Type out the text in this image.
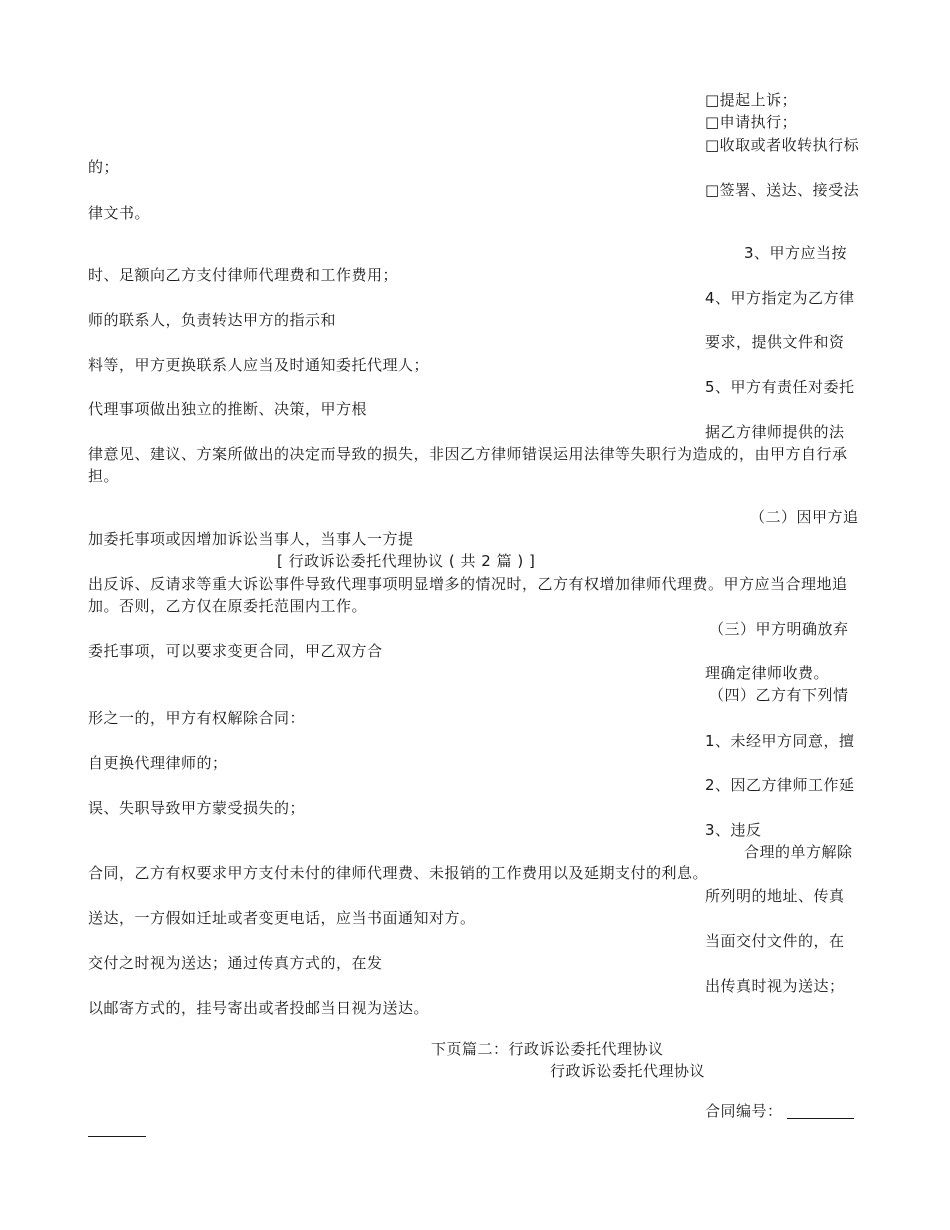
□提起上诉；
□申请执行；
□收取或者收转执行标
的；
□签署、送达、接受法
律文书。
3、甲方应当按
时、足额向乙方支付律师代理费和工作费用；
4、甲方指定为乙方律
师的联系人，负责转达甲方的指示和
要求，提供文件和资
料等，甲方更换联系人应当及时通知委托代理人；
5、甲方有责任对委托
代理事项做出独立的推断、决策，甲方根
据乙方律师提供的法
律意见、建议、方案所做出的决定而导致的损失，非因乙方律师错误运用法律等失职行为造成的，由甲方自行承担。
（二）因甲方追
加委托事项或因增加诉讼当事人，当事人一方提
[ 行政诉讼委托代理协议 ( 共 2 篇 ) ]
出反诉、反请求等重大诉讼事件导致代理事项明显增多的情况时，乙方有权增加律师代理费。甲方应当合理地追加。否则，乙方仅在原委托范围内工作。
（三）甲方明确放弃
委托事项，可以要求变更合同，甲乙双方合
理确定律师收费。
（四）乙方有下列情
形之一的，甲方有权解除合同：
1、未经甲方同意，擅
自更换代理律师的；
2、因乙方律师工作延
误、失职导致甲方蒙受损失的；
3、违反
合理的单方解除
合同，乙方有权要求甲方支付未付的律师代理费、未报销的工作费用以及延期支付的利息。
所列明的地址、传真
送达，一方假如迁址或者变更电话，应当书面通知对方。
当面交付文件的，在
交付之时视为送达；通过传真方式的，在发
出传真时视为送达；
以邮寄方式的，挂号寄出或者投邮当日视为送达。
下页篇二：行政诉讼委托代理协议
行政诉讼委托代理协议
合同编号：
